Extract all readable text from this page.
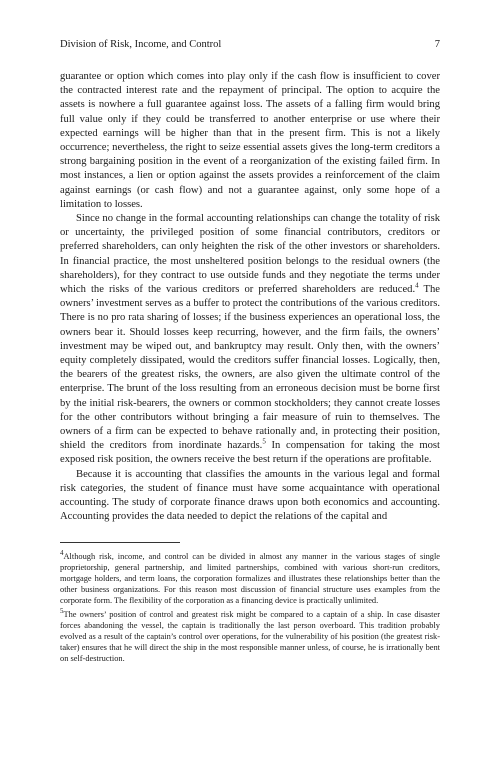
Division of Risk, Income, and Control	7

guarantee or option which comes into play only if the cash flow is insufficient to cover the contracted interest rate and the repayment of principal. The option to acquire the assets is nowhere a full guarantee against loss. The assets of a falling firm would bring full value only if they could be transferred to another enterprise or use where their expected earnings will be higher than that in the present firm. This is not a likely occurrence; nevertheless, the right to seize essential assets gives the long-term creditors a strong bargaining position in the event of a reorganization of the existing failed firm. In most instances, a lien or option against the assets provides a reinforcement of the claim against earnings (or cash flow) and not a guarantee against, only some hope of a limitation to losses.

Since no change in the formal accounting relationships can change the totality of risk or uncertainty, the privileged position of some financial contributors, creditors or preferred shareholders, can only heighten the risk of the other investors or shareholders. In financial practice, the most unsheltered position belongs to the residual owners (the shareholders), for they contract to use outside funds and they negotiate the terms under which the risks of the various creditors or preferred shareholders are reduced.$^4$ The owners’ investment serves as a buffer to protect the contributions of the various creditors. There is no pro rata sharing of losses; if the business experiences an operational loss, the owners bear it. Should losses keep recurring, however, and the firm fails, the owners’ investment may be wiped out, and bankruptcy may result. Only then, with the owners’ equity completely dissipated, would the creditors suffer financial losses. Logically, then, the bearers of the greatest risks, the owners, are also given the ultimate control of the enterprise. The brunt of the loss resulting from an erroneous decision must be borne first by the initial risk-bearers, the owners or common stockholders; they cannot create losses for the other contributors without bringing a fair measure of ruin to themselves. The owners of a firm can be expected to behave rationally and, in protecting their position, shield the creditors from inordinate hazards.$^5$ In compensation for taking the most exposed risk position, the owners receive the best return if the operations are profitable.

Because it is accounting that classifies the amounts in the various legal and formal risk categories, the student of finance must have some acquaintance with operational accounting. The study of corporate finance draws upon both economics and accounting. Accounting provides the data needed to depict the relations of the capital and

$^4$Although risk, income, and control can be divided in almost any manner in the various stages of single proprietorship, general partnership, and limited partnerships, combined with various short-run creditors, mortgage holders, and term loans, the corporation formalizes and illustrates these relationships better than the other business organizations. For this reason most discussion of financial structure uses examples from the corporate form. The flexibility of the corporation as a financing device is practically unlimited.

$^5$The owners’ position of control and greatest risk might be compared to a captain of a ship. In case disaster forces abandoning the vessel, the captain is traditionally the last person overboard. This tradition probably evolved as a result of the captain’s control over operations, for the vulnerability of his position (the greatest risk-taker) ensures that he will direct the ship in the most responsible manner unless, of course, he is irrationally bent on self-destruction.
